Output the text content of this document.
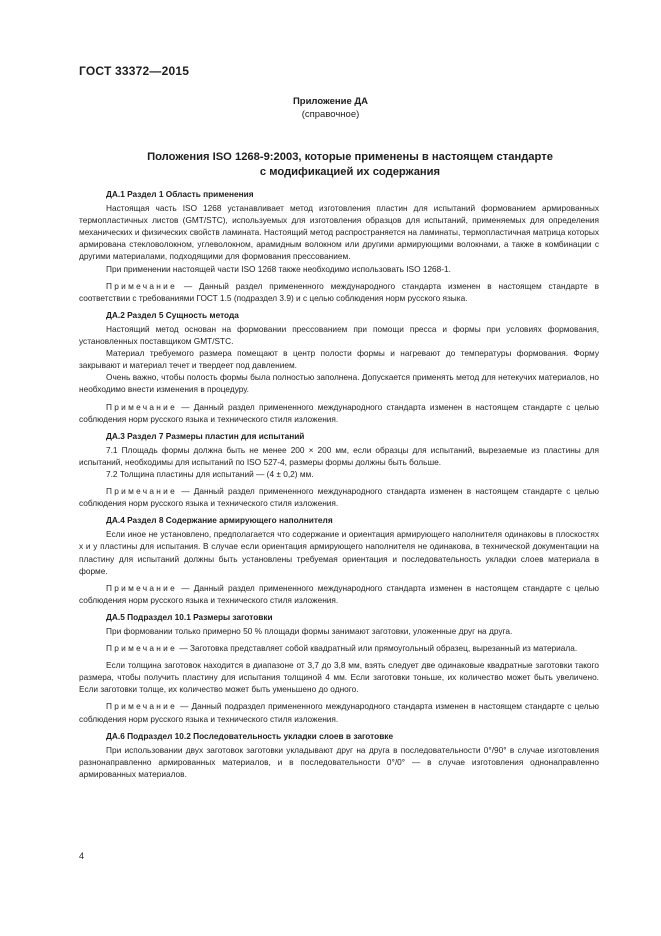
ГОСТ 33372—2015
Приложение ДА
(справочное)
Положения ISO 1268-9:2003, которые применены в настоящем стандарте
с модификацией их содержания
ДА.1 Раздел 1 Область применения

Настоящая часть ISO 1268 устанавливает метод изготовления пластин для испытаний формованием армированных термопластичных листов (GMT/STC), используемых для изготовления образцов для испытаний, применяемых для определения механических и физических свойств ламината. Настоящий метод распространяется на ламинаты, термопластичная матрица которых армирована стекловолокном, углеволокном, арамидным волокном или другими армирующими волокнами, а также в комбинации с другими материалами, подходящими для формования прессованием.

При применении настоящей части ISO 1268 также необходимо использовать ISO 1268-1.

Примечание — Данный раздел примененного международного стандарта изменен в настоящем стандарте в соответствии с требованиями ГОСТ 1.5 (подраздел 3.9) и с целью соблюдения норм русского языка.

ДА.2 Раздел 5 Сущность метода

Настоящий метод основан на формовании прессованием при помощи пресса и формы при условиях формования, установленных поставщиком GMT/STC.

Материал требуемого размера помещают в центр полости формы и нагревают до температуры формования. Форму закрывают и материал течет и твердеет под давлением.

Очень важно, чтобы полость формы была полностью заполнена. Допускается применять метод для нетекучих материалов, но необходимо внести изменения в процедуру.

Примечание — Данный раздел примененного международного стандарта изменен в настоящем стандарте с целью соблюдения норм русского языка и технического стиля изложения.

ДА.3 Раздел 7 Размеры пластин для испытаний

7.1 Площадь формы должна быть не менее 200 × 200 мм, если образцы для испытаний, вырезаемые из пластины для испытаний, необходимы для испытаний по ISO 527-4, размеры формы должны быть больше.

7.2 Толщина пластины для испытаний — (4 ± 0,2) мм.

Примечание — Данный раздел примененного международного стандарта изменен в настоящем стандарте с целью соблюдения норм русского языка и технического стиля изложения.

ДА.4 Раздел 8 Содержание армирующего наполнителя

Если иное не установлено, предполагается что содержание и ориентация армирующего наполнителя одинаковы в плоскостях x и y пластины для испытания. В случае если ориентация армирующего наполнителя не одинакова, в технической документации на пластину для испытаний должны быть установлены требуемая ориентация и последовательность укладки слоев материала в форме.

Примечание — Данный раздел примененного международного стандарта изменен в настоящем стандарте с целью соблюдения норм русского языка и технического стиля изложения.

ДА.5 Подраздел 10.1 Размеры заготовки

При формовании только примерно 50 % площади формы занимают заготовки, уложенные друг на друга.

Примечание — Заготовка представляет собой квадратный или прямоугольный образец, вырезанный из материала.

Если толщина заготовок находится в диапазоне от 3,7 до 3,8 мм, взять следует две одинаковые квадратные заготовки такого размера, чтобы получить пластину для испытания толщиной 4 мм. Если заготовки тоньше, их количество может быть увеличено. Если заготовки толще, их количество может быть уменьшено до одного.

Примечание — Данный подраздел примененного международного стандарта изменен в настоящем стандарте с целью соблюдения норм русского языка и технического стиля изложения.

ДА.6 Подраздел 10.2 Последовательность укладки слоев в заготовке

При использовании двух заготовок заготовки укладывают друг на друга в последовательности 0°/90° в случае изготовления разнонаправленно армированных материалов, и в последовательности 0°/0° — в случае изготовления однонаправленно армированных материалов.

4
